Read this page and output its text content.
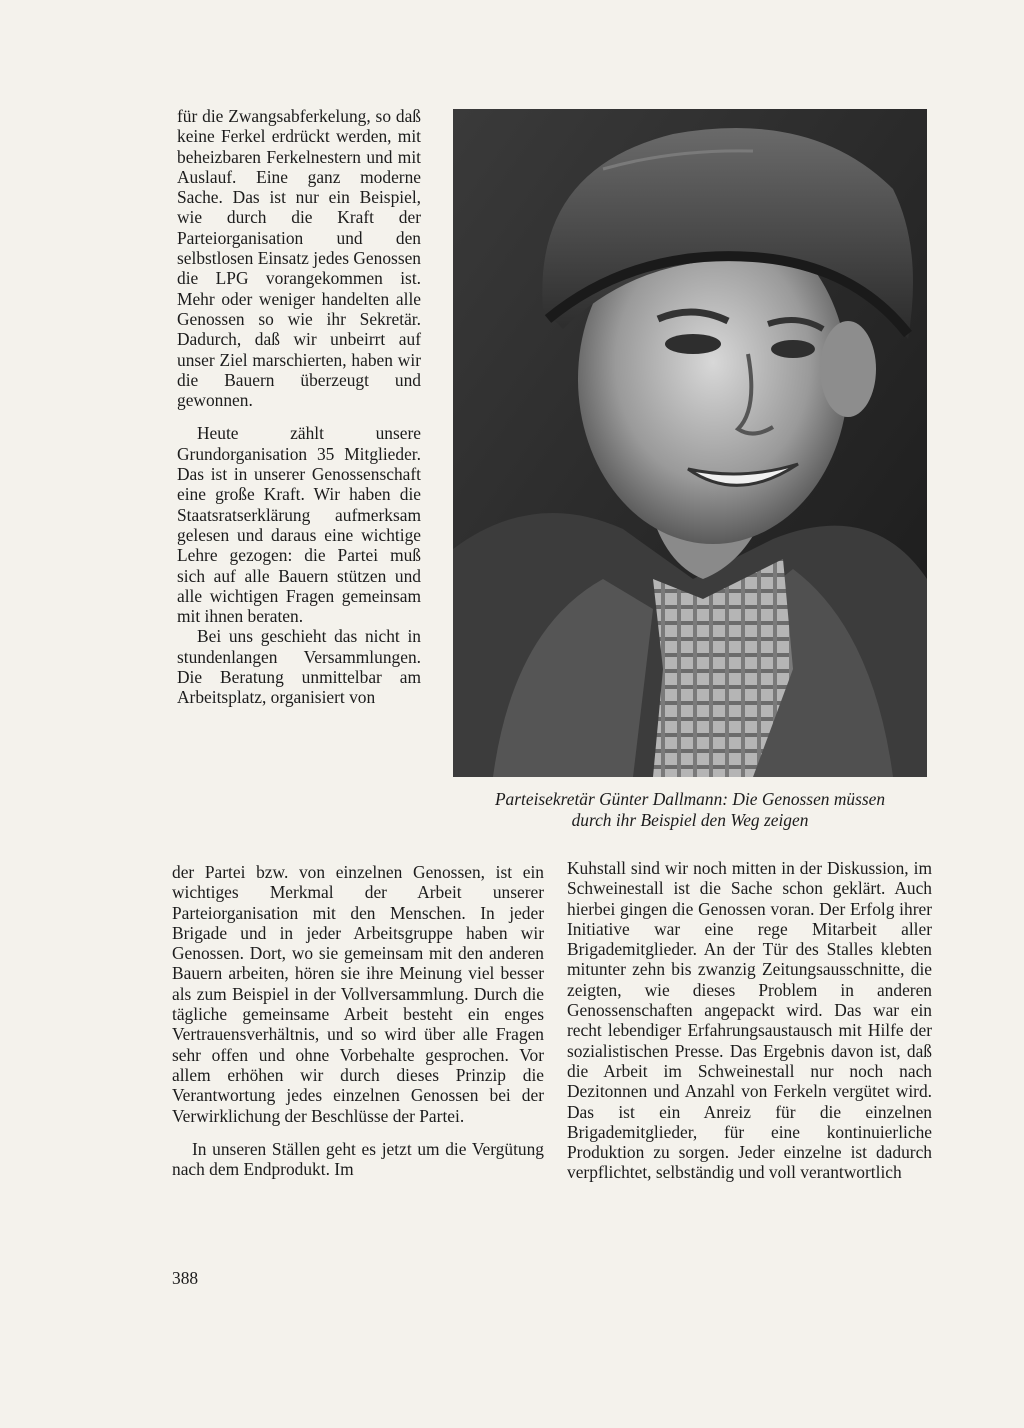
für die Zwangsabferkelung, so daß keine Ferkel erdrückt werden, mit beheizbaren Ferkelnestern und mit Auslauf. Eine ganz moderne Sache. Das ist nur ein Beispiel, wie durch die Kraft der Parteiorganisation und den selbstlosen Einsatz jedes Genossen die LPG vorangekommen ist. Mehr oder weniger handelten alle Genossen so wie ihr Sekretär. Dadurch, daß wir unbeirrt auf unser Ziel marschierten, haben wir die Bauern überzeugt und gewonnen.

Heute zählt unsere Grundorganisation 35 Mitglieder. Das ist in unserer Genossenschaft eine große Kraft. Wir haben die Staatsratserklärung aufmerksam gelesen und daraus eine wichtige Lehre gezogen: die Partei muß sich auf alle Bauern stützen und alle wichtigen Fragen gemeinsam mit ihnen beraten.

Bei uns geschieht das nicht in stundenlangen Versammlungen. Die Beratung unmittelbar am Arbeitsplatz, organisiert von

Parteisekretär Günter Dallmann: Die Genossen müssen
durch ihr Beispiel den Weg zeigen

der Partei bzw. von einzelnen Genossen, ist ein wichtiges Merkmal der Arbeit unserer Parteiorganisation mit den Menschen. In jeder Brigade und in jeder Arbeitsgruppe haben wir Genossen. Dort, wo sie gemeinsam mit den anderen Bauern arbeiten, hören sie ihre Meinung viel besser als zum Beispiel in der Vollversammlung. Durch die tägliche gemeinsame Arbeit besteht ein enges Vertrauensverhältnis, und so wird über alle Fragen sehr offen und ohne Vorbehalte gesprochen. Vor allem erhöhen wir durch dieses Prinzip die Verantwortung jedes einzelnen Genossen bei der Verwirklichung der Beschlüsse der Partei.

In unseren Ställen geht es jetzt um die Vergütung nach dem Endprodukt. Im

Kuhstall sind wir noch mitten in der Diskussion, im Schweinestall ist die Sache schon geklärt. Auch hierbei gingen die Genossen voran. Der Erfolg ihrer Initiative war eine rege Mitarbeit aller Brigademitglieder. An der Tür des Stalles klebten mitunter zehn bis zwanzig Zeitungsausschnitte, die zeigten, wie dieses Problem in anderen Genossenschaften angepackt wird. Das war ein recht lebendiger Erfahrungsaustausch mit Hilfe der sozialistischen Presse. Das Ergebnis davon ist, daß die Arbeit im Schweinestall nur noch nach Dezitonnen und Anzahl von Ferkeln vergütet wird. Das ist ein Anreiz für die einzelnen Brigademitglieder, für eine kontinuierliche Produktion zu sorgen. Jeder einzelne ist dadurch verpflichtet, selbständig und voll verantwortlich

388
